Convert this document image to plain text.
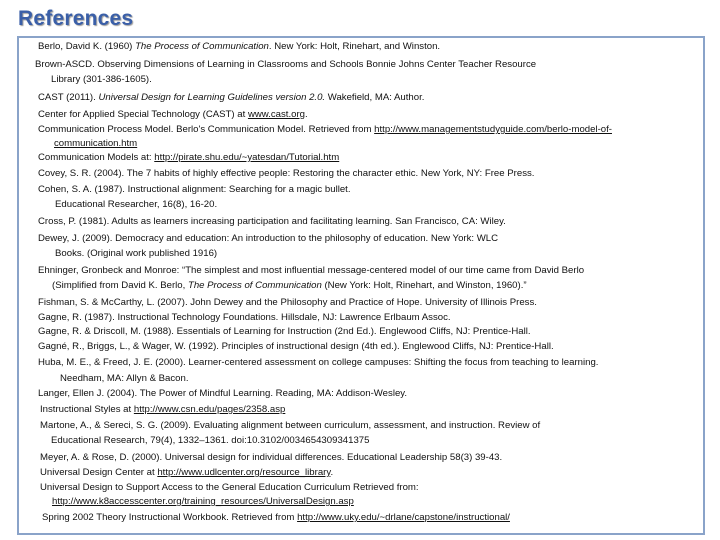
References
Berlo, David K. (1960) The Process of Communication. New York: Holt, Rinehart, and Winston.
Brown-ASCD. Observing Dimensions of Learning in Classrooms and Schools Bonnie Johns Center Teacher Resource
Library (301-386-1605).
CAST (2011). Universal Design for Learning Guidelines version 2.0. Wakefield, MA: Author.
Center for Applied Special Technology (CAST) at www.cast.org.
Communication Process Model. Berlo's Communication Model. Retrieved from http://www.managementstudyguide.com/berlo-model-of-
communication.htm
Communication Models at: http://pirate.shu.edu/~yatesdan/Tutorial.htm
Covey, S. R. (2004). The 7 habits of highly effective people: Restoring the character ethic. New York, NY: Free Press.
Cohen, S. A. (1987). Instructional alignment: Searching for a magic bullet.
Educational Researcher, 16(8), 16-20.
Cross, P. (1981). Adults as learners increasing participation and facilitating learning. San Francisco, CA: Wiley.
Dewey, J. (2009). Democracy and education: An introduction to the philosophy of education. New York: WLC
Books. (Original work published 1916)
Ehninger, Gronbeck and Monroe: “The simplest and most influential message-centered model of our time came from David Berlo
(Simplified from David K. Berlo, The Process of Communication (New York: Holt, Rinehart, and Winston, 1960).”
Fishman, S. & McCarthy, L. (2007). John Dewey and the Philosophy and Practice of Hope. University of Illinois Press.
Gagne, R. (1987). Instructional Technology Foundations. Hillsdale, NJ: Lawrence Erlbaum Assoc.
Gagne, R. & Driscoll, M. (1988). Essentials of Learning for Instruction (2nd Ed.). Englewood Cliffs, NJ: Prentice-Hall.
Gagné, R., Briggs, L., & Wager, W. (1992). Principles of instructional design (4th ed.). Englewood Cliffs, NJ: Prentice-Hall.
Huba, M. E., & Freed, J. E. (2000). Learner-centered assessment on college campuses: Shifting the focus from teaching to learning.
Needham, MA: Allyn & Bacon.
Langer, Ellen J. (2004). The Power of Mindful Learning. Reading, MA: Addison-Wesley.
Instructional Styles at http://www.csn.edu/pages/2358.asp
Martone, A., & Sereci, S. G. (2009). Evaluating alignment between curriculum, assessment, and instruction. Review of
Educational Research, 79(4), 1332–1361. doi:10.3102/0034654309341375
Meyer, A. & Rose, D. (2000). Universal design for individual differences. Educational Leadership 58(3) 39-43.
Universal Design Center at http://www.udlcenter.org/resource_library.
Universal Design to Support Access to the General Education Curriculum Retrieved from:
http://www.k8accesscenter.org/training_resources/UniversalDesign.asp
Spring 2002 Theory Instructional Workbook. Retrieved from http://www.uky.edu/~drlane/capstone/instructional/
